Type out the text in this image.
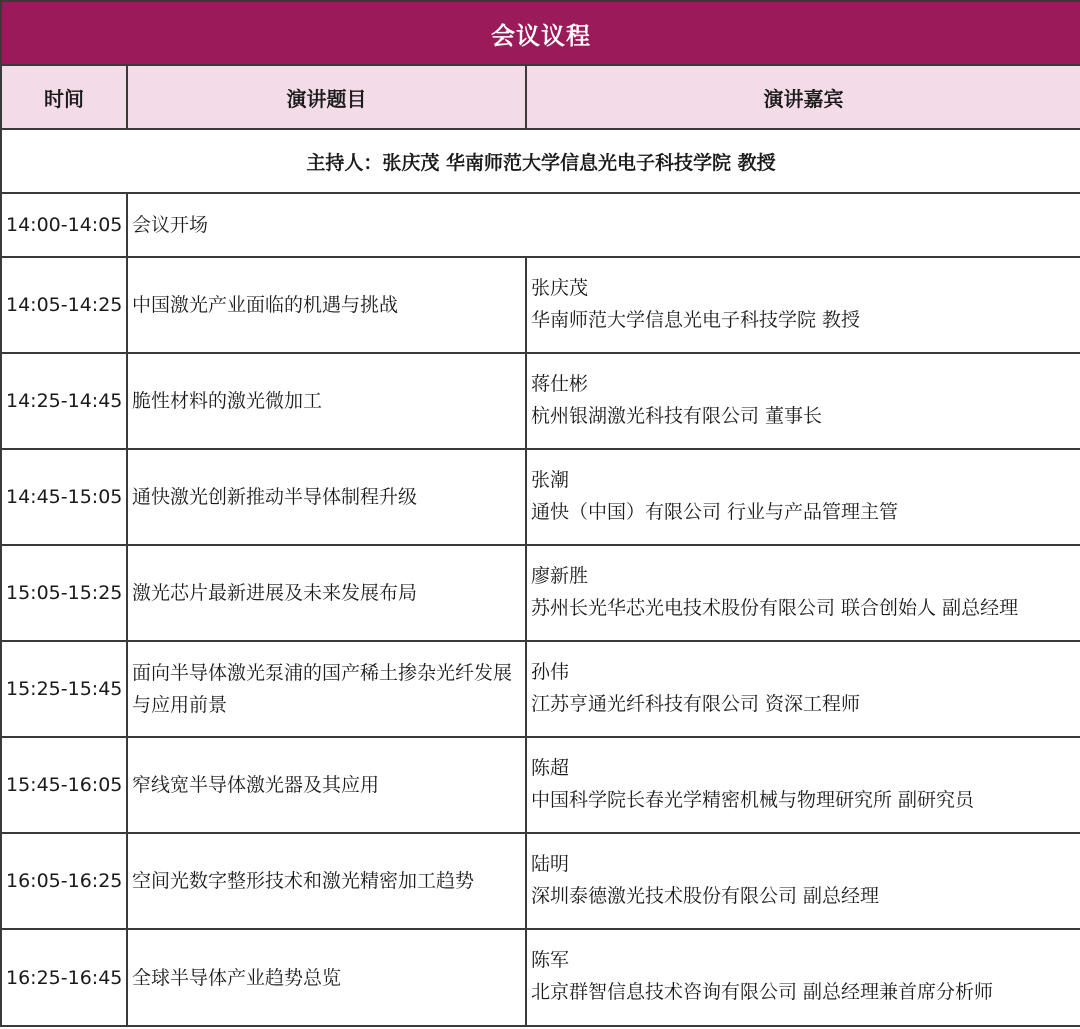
会议议程		
时间	演讲题目	演讲嘉宾
主持人：张庆茂 华南师范大学信息光电子科技学院 教授		
14:00-14:05	会议开场	
14:05-14:25	中国激光产业面临的机遇与挑战	张庆茂
华南师范大学信息光电子科技学院 教授

14:25-14:45	脆性材料的激光微加工	蒋仕彬
杭州银湖激光科技有限公司 董事长

14:45-15:05	通快激光创新推动半导体制程升级	张潮
通快（中国）有限公司 行业与产品管理主管

15:05-15:25	激光芯片最新进展及未来发展布局	廖新胜
苏州长光华芯光电技术股份有限公司 联合创始人 副总经理

15:25-15:45	面向半导体激光泵浦的国产稀土掺杂光纤发展与应用前景	孙伟
江苏亨通光纤科技有限公司 资深工程师

15:45-16:05	窄线宽半导体激光器及其应用	陈超
中国科学院长春光学精密机械与物理研究所 副研究员

16:05-16:25	空间光数字整形技术和激光精密加工趋势	陆明
深圳泰德激光技术股份有限公司 副总经理

16:25-16:45	全球半导体产业趋势总览	陈军
北京群智信息技术咨询有限公司 副总经理兼首席分析师
